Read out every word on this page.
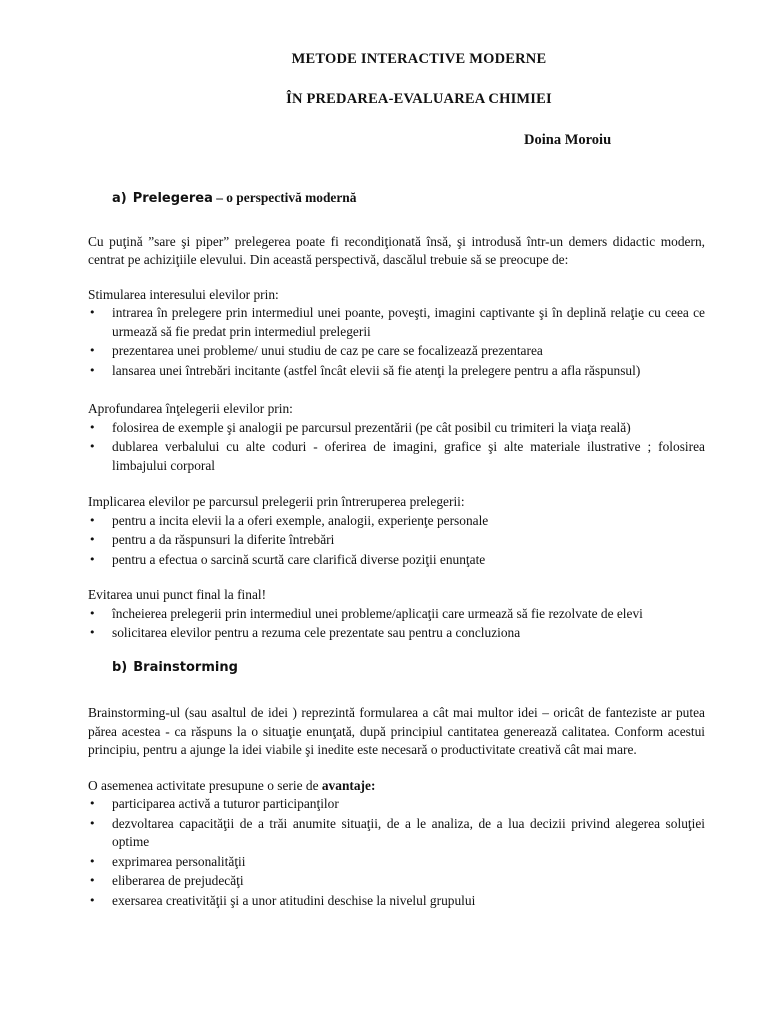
METODE INTERACTIVE MODERNE
ÎN PREDAREA-EVALUAREA CHIMIEI
Doina Moroiu
a) Prelegerea – o perspectivă modernă

Cu puţină ”sare şi piper” prelegerea poate fi recondiţionată însă, şi introdusă într-un demers didactic modern, centrat pe achiziţiile elevului. Din această perspectivă, dascălul trebuie să se preocupe de:

Stimularea interesului elevilor prin:

• intrarea în prelegere prin intermediul unei poante, poveşti, imagini captivante şi în deplină relaţie cu ceea ce urmează să fie predat prin intermediul prelegerii
• prezentarea unei probleme/ unui studiu de caz pe care se focalizează prezentarea
• lansarea unei întrebări incitante (astfel încât elevii să fie atenţi la prelegere pentru a afla răspunsul)

Aprofundarea înţelegerii elevilor prin:

• folosirea de exemple şi analogii pe parcursul prezentării (pe cât posibil cu trimiteri la viaţa reală)
• dublarea verbalului cu alte coduri - oferirea de imagini, grafice şi alte materiale ilustrative ; folosirea limbajului corporal

Implicarea elevilor pe parcursul prelegerii prin întreruperea prelegerii:

• pentru a incita elevii la a oferi exemple, analogii, experienţe personale
• pentru a da răspunsuri la diferite întrebări
• pentru a efectua o sarcină scurtă care clarifică diverse poziţii enunţate

Evitarea unui punct final la final!

• încheierea prelegerii prin intermediul unei probleme/aplicaţii care urmează să fie rezolvate de elevi
• solicitarea elevilor pentru a rezuma cele prezentate sau pentru a concluziona
b) Brainstorming

Brainstorming-ul (sau asaltul de idei ) reprezintă formularea a cât mai multor idei – oricât de fanteziste ar putea părea acestea - ca răspuns la o situaţie enunţată, după principiul cantitatea generează calitatea. Conform acestui principiu, pentru a ajunge la idei viabile şi inedite este necesară o productivitate creativă cât mai mare.

O asemenea activitate presupune o serie de avantaje:

• participarea activă a tuturor participanţilor
• dezvoltarea capacităţii de a trăi anumite situaţii, de a le analiza, de a lua decizii privind alegerea soluţiei optime
• exprimarea personalităţii
• eliberarea de prejudecăţi
• exersarea creativităţii şi a unor atitudini deschise la nivelul grupului
